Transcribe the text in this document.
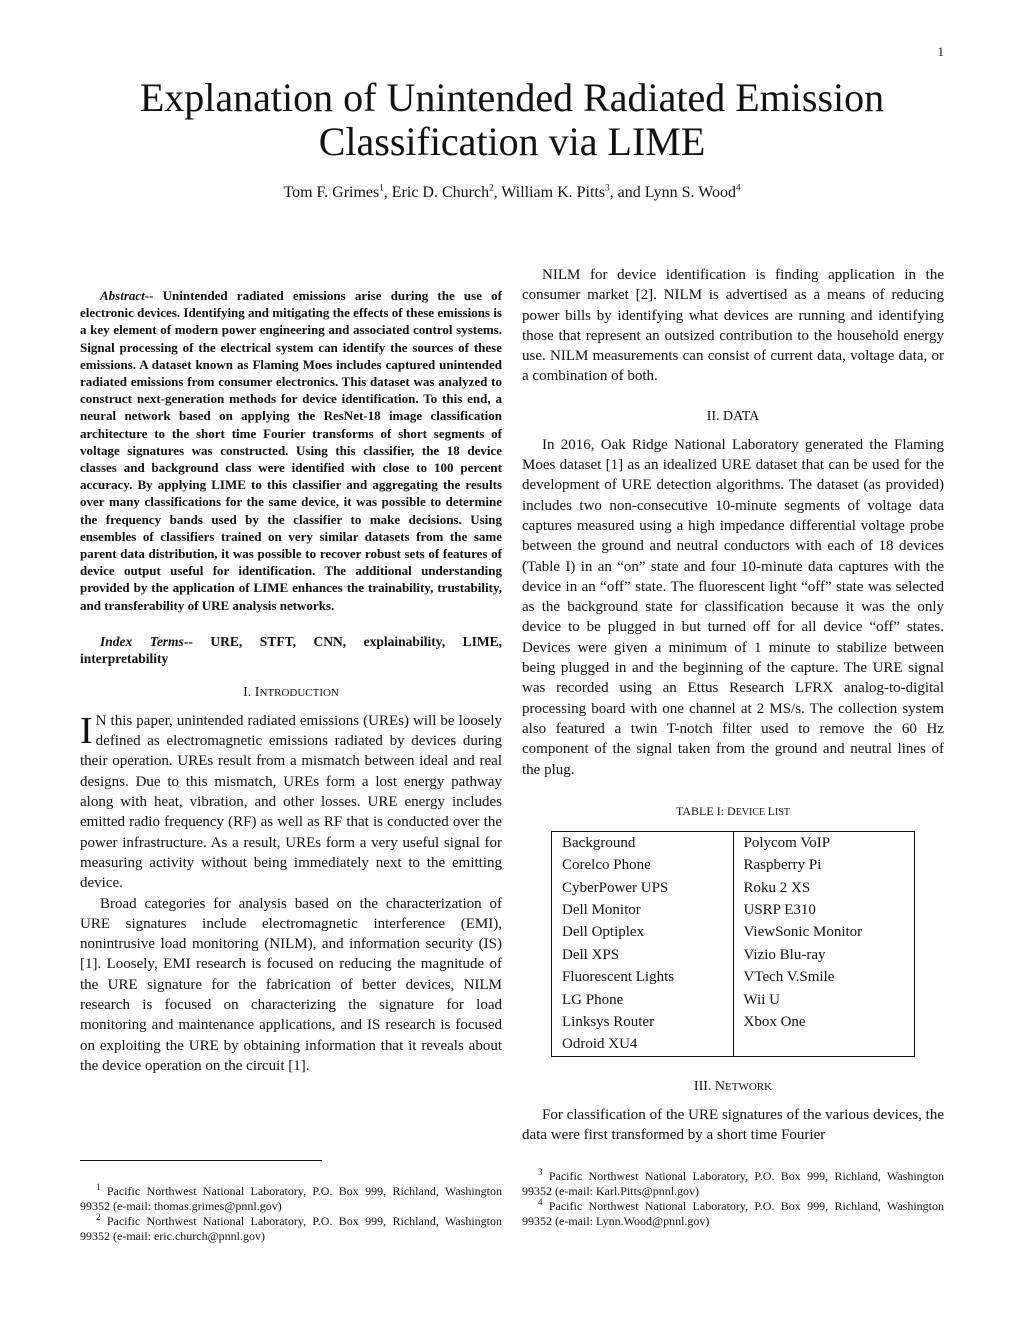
1
Explanation of Unintended Radiated Emission
Classification via LIME
Tom F. Grimes$^1$, Eric D. Church$^2$, William K. Pitts$^3$, and Lynn S. Wood$^4$

Abstract-- Unintended radiated emissions arise during the use of electronic devices. Identifying and mitigating the effects of these emissions is a key element of modern power engineering and associated control systems. Signal processing of the electrical system can identify the sources of these emissions. A dataset known as Flaming Moes includes captured unintended radiated emissions from consumer electronics. This dataset was analyzed to construct next-generation methods for device identification. To this end, a neural network based on applying the ResNet-18 image classification architecture to the short time Fourier transforms of short segments of voltage signatures was constructed. Using this classifier, the 18 device classes and background class were identified with close to 100 percent accuracy. By applying LIME to this classifier and aggregating the results over many classifications for the same device, it was possible to determine the frequency bands used by the classifier to make decisions. Using ensembles of classifiers trained on very similar datasets from the same parent data distribution, it was possible to recover robust sets of features of device output useful for identification. The additional understanding provided by the application of LIME enhances the trainability, trustability, and transferability of URE analysis networks.

Index Terms-- URE, STFT, CNN, explainability, LIME, interpretability

I. INTRODUCTION

I N this paper, unintended radiated emissions (UREs) will be loosely defined as electromagnetic emissions radiated by devices during their operation. UREs result from a mismatch between ideal and real designs. Due to this mismatch, UREs form a lost energy pathway along with heat, vibration, and other losses. URE energy includes emitted radio frequency (RF) as well as RF that is conducted over the power infrastructure. As a result, UREs form a very useful signal for measuring activity without being immediately next to the emitting device.

Broad categories for analysis based on the characterization of URE signatures include electromagnetic interference (EMI), nonintrusive load monitoring (NILM), and information security (IS) [1]. Loosely, EMI research is focused on reducing the magnitude of the URE signature for the fabrication of better devices, NILM research is focused on characterizing the signature for load monitoring and maintenance applications, and IS research is focused on exploiting the URE by obtaining information that it reveals about the device operation on the circuit [1].

NILM for device identification is finding application in the consumer market [2]. NILM is advertised as a means of reducing power bills by identifying what devices are running and identifying those that represent an outsized contribution to the household energy use. NILM measurements can consist of current data, voltage data, or a combination of both.

II. DATA

In 2016, Oak Ridge National Laboratory generated the Flaming Moes dataset [1] as an idealized URE dataset that can be used for the development of URE detection algorithms. The dataset (as provided) includes two non-consecutive 10-minute segments of voltage data captures measured using a high impedance differential voltage probe between the ground and neutral conductors with each of 18 devices (Table I) in an “on” state and four 10-minute data captures with the device in an “off” state. The fluorescent light “off” state was selected as the background state for classification because it was the only device to be plugged in but turned off for all device “off” states. Devices were given a minimum of 1 minute to stabilize between being plugged in and the beginning of the capture. The URE signal was recorded using an Ettus Research LFRX analog-to-digital processing board with one channel at 2 MS/s. The collection system also featured a twin T-notch filter used to remove the 60 Hz component of the signal taken from the ground and neutral lines of the plug.

TABLE I: DEVICE LIST
Background	Polycom VoIP
Corelco Phone	Raspberry Pi
CyberPower UPS	Roku 2 XS
Dell Monitor	USRP E310
Dell Optiplex	ViewSonic Monitor
Dell XPS	Vizio Blu-ray
Fluorescent Lights	VTech V.Smile
LG Phone	Wii U
Linksys Router	Xbox One
Odroid XU4	
III. NETWORK

For classification of the URE signatures of the various devices, the data were first transformed by a short time Fourier

$^1$ Pacific Northwest National Laboratory, P.O. Box 999, Richland, Washington 99352 (e-mail: thomas.grimes@pnnl.gov)

$^2$ Pacific Northwest National Laboratory, P.O. Box 999, Richland, Washington 99352 (e-mail: eric.church@pnnl.gov)

$^3$ Pacific Northwest National Laboratory, P.O. Box 999, Richland, Washington 99352 (e-mail: Karl.Pitts@pnnl.gov)

$^4$ Pacific Northwest National Laboratory, P.O. Box 999, Richland, Washington 99352 (e-mail: Lynn.Wood@pnnl.gov)
